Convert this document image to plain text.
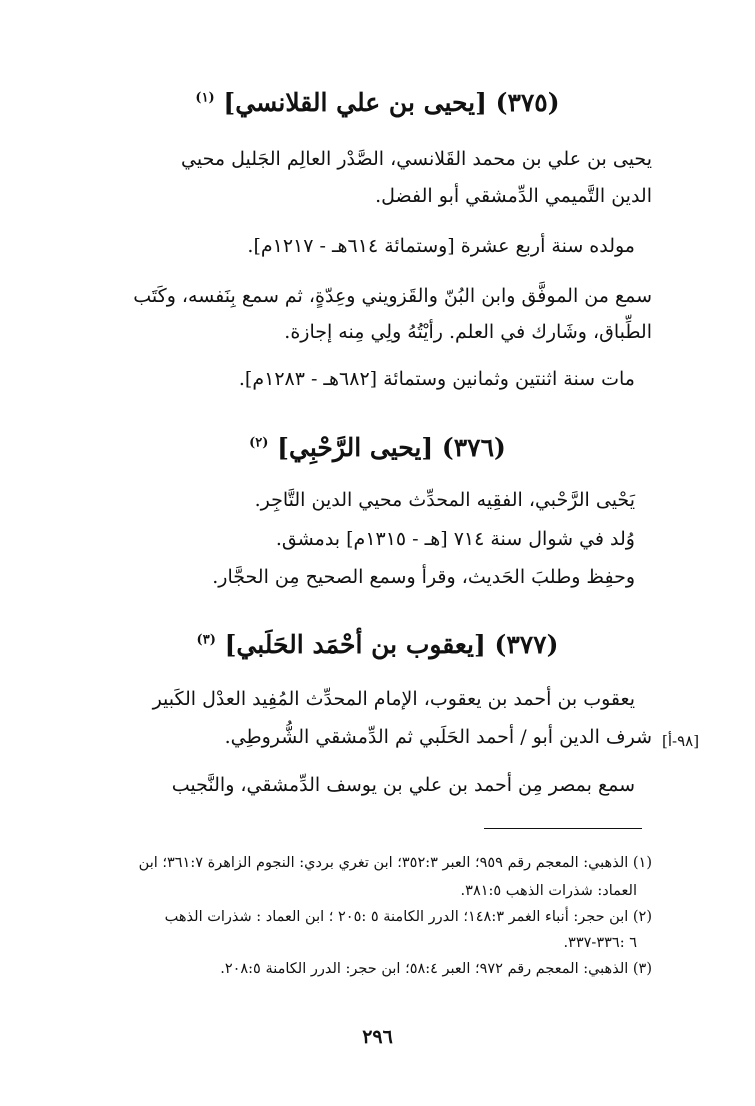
(٣٧٥) [يحيى بن علي القلانسي] $^{(١)}$
يحيى بن علي بن محمد القَلانسي، الصَّدْر العالِم الجَليل محيي
الدين التَّميمي الدِّمشقي أبو الفضل.
مولده سنة أربع عشرة [وستمائة ٦١٤هـ - ١٢١٧م].
سمع من الموفَّق وابن البُنّ والقَزويني وعِدّةٍ، ثم سمع بِنَفسه، وكَتَب
الطِّباق، وشَارك في العلم. رأيْتُهُ ولِي مِنه إجازة.
مات سنة اثنتين وثمانين وستمائة [٦٨٢هـ - ١٢٨٣م].
(٣٧٦) [يحيى الرَّحْبِي] $^{(٢)}$
يَحْيى الرَّحْبي، الفقِيه المحدِّث محيي الدين التَّاجِر.
وُلد في شوال سنة ٧١٤ [هـ - ١٣١٥م] بدمشق.
وحفِظ وطلبَ الحَديث، وقرأ وسمع الصحيح مِن الحجَّار.
(٣٧٧) [يعقوب بن أحْمَد الحَلَبي] $^{(٣)}$
يعقوب بن أحمد بن يعقوب، الإمام المحدِّث المُفِيد العدْل الكَبير
شرف الدين أبو / أحمد الحَلَبي ثم الدِّمشقي الشُّروطِي. [٩٨-أ]
سمع بمصر مِن أحمد بن علي بن يوسف الدِّمشقي، والنَّجيب
(١) الذهبي: المعجم رقم ٩٥٩؛ العبر ٣٥٢:٣؛ ابن تغري بردي: النجوم الزاهرة ٣٦١:٧؛ ابن
العماد: شذرات الذهب ٣٨١:٥.
(٢) ابن حجر: أنباء الغمر ١٤٨:٣؛ الدرر الكامنة ٥ :٢٠٥ ؛ ابن العماد : شذرات الذهب
٦ :٣٣٦-٣٣٧.
(٣) الذهبي: المعجم رقم ٩٧٢؛ العبر ٥٨:٤؛ ابن حجر: الدرر الكامنة ٢٠٨:٥.
٢٩٦
